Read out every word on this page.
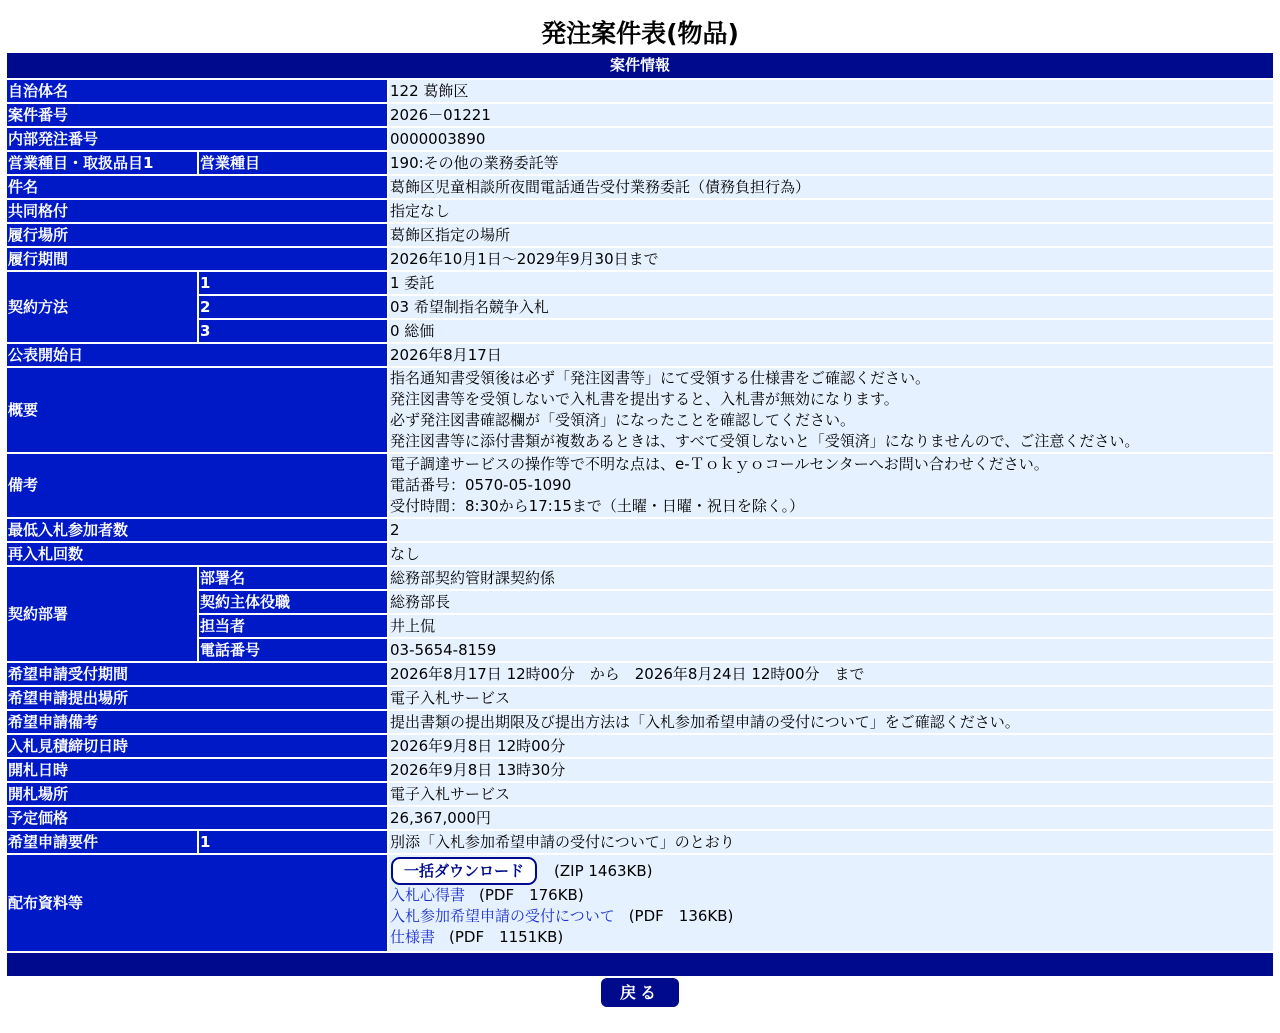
発注案件表(物品)
案件情報		
自治体名		122 葛飾区
案件番号		2026－01221
内部発注番号		0000003890
営業種目・取扱品目1	営業種目	190:その他の業務委託等
件名		葛飾区児童相談所夜間電話通告受付業務委託（債務負担行為）
共同格付		指定なし
履行場所		葛飾区指定の場所
履行期間		2026年10月1日～2029年9月30日まで
契約方法	1	1 委託
	2	03 希望制指名競争入札
	3	0 総価
公表開始日		2026年8月17日
概要		指名通知書受領後は必ず「発注図書等」にて受領する仕様書をご確認ください。
発注図書等を受領しないで入札書を提出すると、入札書が無効になります。
必ず発注図書確認欄が「受領済」になったことを確認してください。
発注図書等に添付書類が複数あるときは、すべて受領しないと「受領済」になりませんので、ご注意ください。

備考		電子調達サービスの操作等で不明な点は、e-Ｔｏｋｙｏコールセンターへお問い合わせください。
電話番号：0570-05-1090
受付時間：8:30から17:15まで（土曜・日曜・祝日を除く。）

最低入札参加者数		2
再入札回数		なし
契約部署	部署名	総務部契約管財課契約係
	契約主体役職	総務部長
	担当者	井上侃
	電話番号	03-5654-8159
希望申請受付期間		2026年8月17日 12時00分　から　2026年8月24日 12時00分　まで
希望申請提出場所		電子入札サービス
希望申請備考		提出書類の提出期限及び提出方法は「入札参加希望申請の受付について」をご確認ください。
入札見積締切日時		2026年9月8日 12時00分
開札日時		2026年9月8日 13時30分
開札場所		電子入札サービス
予定価格		26,367,000円
希望申請要件	1	別添「入札参加希望申請の受付について」のとおり
配布資料等		一括ダウンロード (ZIP 1463KB)
入札心得書 (PDF　176KB)
入札参加希望申請の受付について (PDF　136KB)
仕様書 (PDF　1151KB)
戻る
